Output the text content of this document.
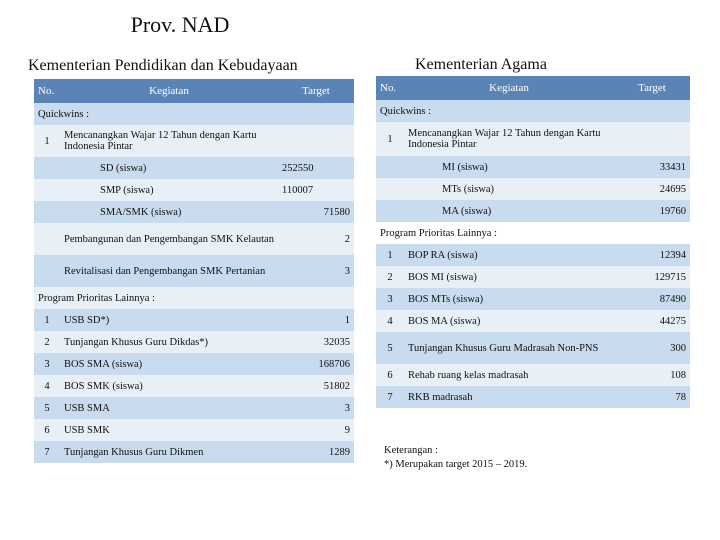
Prov. NAD
Kementerian Pendidikan dan Kebudayaan	Kementerian Agama
No.	Kegiatan	Target
Quickwins :		
1	Mencanangkan Wajar 12 Tahun dengan Kartu Indonesia Pintar	
	SD (siswa)	252550
	SMP (siswa)	110007
	SMA/SMK (siswa)	71580
	Pembangunan dan Pengembangan SMK Kelautan	2
	Revitalisasi dan Pengembangan SMK Pertanian	3
Program Prioritas Lainnya :		
1	USB SD*)	1
2	Tunjangan Khusus Guru Dikdas*)	32035
3	BOS SMA (siswa)	168706
4	BOS SMK (siswa)	51802
5	USB SMA	3
6	USB SMK	9
7	Tunjangan Khusus Guru Dikmen	1289
No.	Kegiatan	Target
Quickwins :		
1	Mencanangkan Wajar 12 Tahun dengan Kartu Indonesia Pintar	
	MI (siswa)	33431
	MTs (siswa)	24695
	MA (siswa)	19760
Program Prioritas Lainnya :		
1	BOP RA (siswa)	12394
2	BOS MI (siswa)	129715
3	BOS MTs (siswa)	87490
4	BOS MA (siswa)	44275
5	Tunjangan Khusus Guru Madrasah Non-PNS	300
6	Rehab ruang kelas madrasah	108
7	RKB madrasah	78
Keterangan :
*) Merupakan target 2015 – 2019.
